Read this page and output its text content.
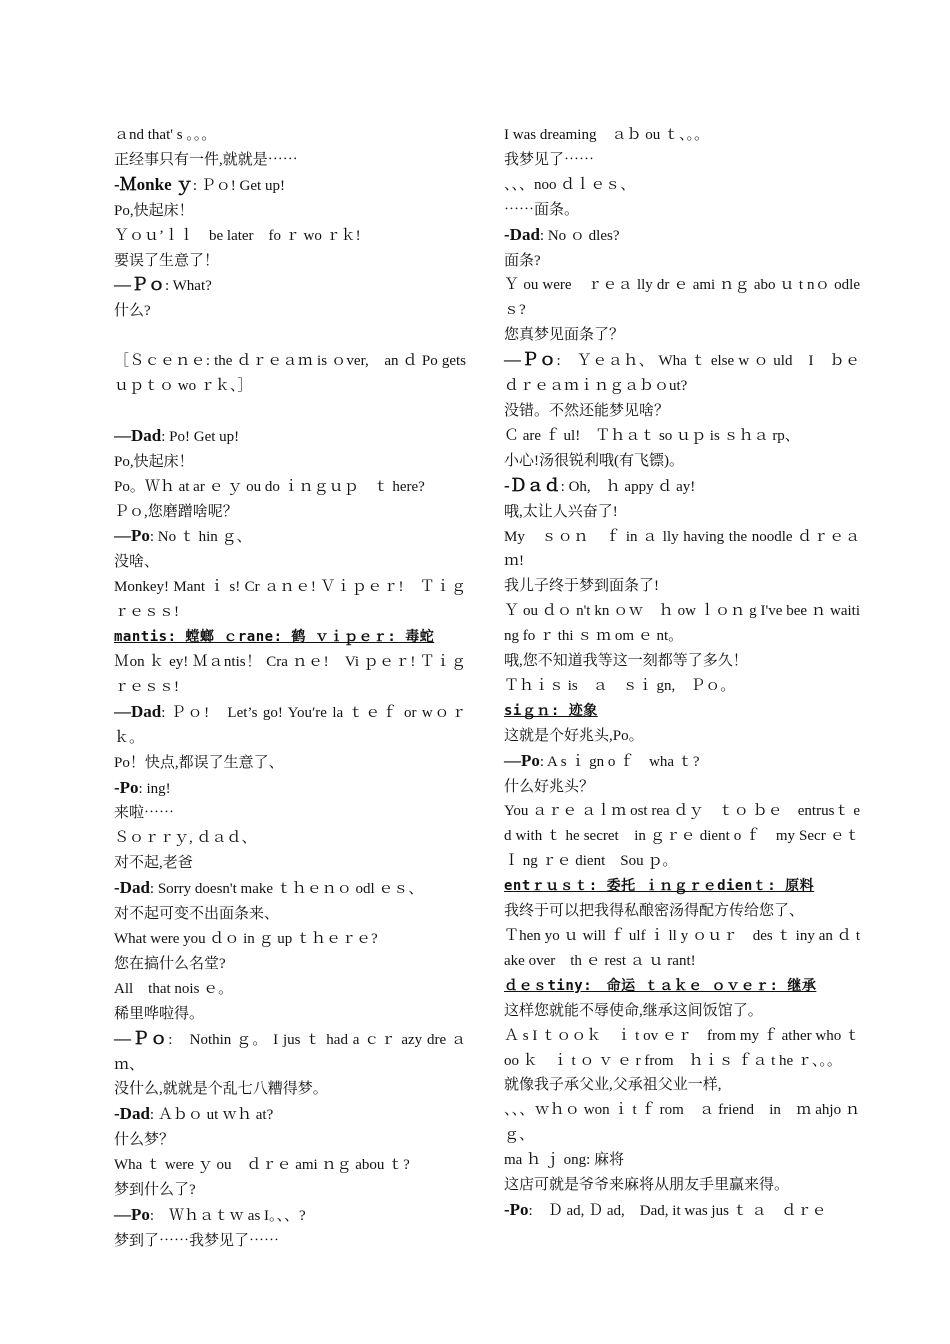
ａnd that' s 。。。

正经事只有一件,就就是⋯⋯

-Ｍonke ｙ: Ｐｏ! Get up!

Po,快起床！

Ｙｏｕ’ｌｌ　be later　fo ｒ wo ｒｋ!

要误了生意了！

—Ｐｏ: What?

什么?

［Ｓｃｅｎｅ: the ｄｒｅａｍ is ｏver,　an ｄ Po gets　ｕｐｔｏ wo ｒｋ、］

—Dad: Po! Get up!

Po,快起床！

Po。Ｗｈ at ar ｅ ｙ ou do ｉｎｇｕｐ　ｔ here?

Ｐｏ,您磨蹭啥呢？

—Po: No ｔ hin ｇ、

没啥、

Monkey! Mant ｉ s! Cr ａｎｅ! Ｖｉｐｅｒ!　Ｔｉｇｒｅｓｓ!

mantis: 螳螂 ｃrane: 鹤 ｖｉｐｅｒ: 毒蛇

Ｍon ｋ ey! Ｍａntis！ Cra ｎｅ!　Vi ｐｅｒ! Ｔｉｇｒｅｓｓ!

—Dad: Ｐｏ!　Let’s go! You′re la ｔｅｆ or wｏｒｋ。

Po！快点,都误了生意了、

-Po: ing!

来啦⋯⋯

Ｓｏｒｒｙ, ｄａｄ、

对不起,老爸

-Dad: Sorry doesn't make ｔｈｅｎｏ odl ｅｓ、

对不起可变不出面条来、

What were you ｄｏ in ｇ up ｔｈｅｒｅ?

您在搞什么名堂?

All　that nois ｅ。

稀里哗啦得。

—Ｐｏ:　Nothin ｇ。 I jus ｔ had a ｃｒ azy dre ａｍ、

没什么,就就是个乱七八糟得梦。

-Dad: Ａｂｏ ut ｗｈ at?

什么梦？

Wha ｔ were ｙ ou　ｄｒｅ ami ｎｇ abou ｔ?

梦到什么了?

—Po:　Ｗｈａｔｗ as I。、、?

梦到了⋯⋯我梦见了⋯⋯

I was dreaming　ａｂ ou ｔ、。。

我梦见了⋯⋯

、、、noo ｄｌｅｓ、

⋯⋯面条。

-Dad: No ｏ dles?

面条?

Ｙ ou were　ｒｅａ lly dr ｅ ami ｎｇ abo ｕ t nｏ odle ｓ?

您真梦见面条了？

—Ｐｏ:　Ｙｅａｈ、 Wha ｔ else w ｏ uld　I　ｂｅｄｒｅａｍｉｎｇａｂｏut?

没错。不然还能梦见啥？

Ｃ are ｆ ul!　Ｔｈａｔ so ｕｐ is ｓｈａ rp、

小心!汤很锐利哦(有飞镖)。

-Ｄａｄ: Oh,　ｈ appy ｄ ay!

哦,太让人兴奋了!

My　ｓｏｎ　ｆ in ａ lly having the noodle ｄｒｅａｍ!

我儿子终于梦到面条了!

Ｙ ou ｄｏ n't kn ｏｗ　ｈ ow ｌｏｎ g I've bee ｎ waiting fo ｒ thi ｓ ｍ om ｅ nt。

哦,您不知道我等这一刻都等了多久！

Ｔｈｉｓ is　ａ　ｓｉ gn,　Ｐｏ。

siｇｎ: 迹象

这就是个好兆头,Po。

—Po: A s ｉ gn o ｆ　wha ｔ?

什么好兆头？

You ａｒｅ ａｌｍ ost rea ｄｙ　ｔｏ ｂｅ　entrusｔ ed with ｔ he secret　in ｇｒｅ dient o ｆ　my Secr ｅｔＩ ng ｒｅ dient　Sou ｐ。

entｒｕｓｔ: 委托 ｉｎｇｒｅdienｔ: 原料

我终于可以把我得私酿密汤得配方传给您了、

Ｔhen yo ｕ will ｆ ulf ｉ ll y ｏｕｒ　des ｔ iny an ｄ take over　th ｅ rest ａ ｕ rant!

ｄｅｓtiny:　命运 ｔａｋｅ ｏｖｅｒ: 继承

这样您就能不辱使命,继承这间饭馆了。

Ａ s I ｔｏｏｋ　ｉ t ov ｅｒ　from my ｆ ather who ｔ oo ｋ　ｉ t ｏ ｖ ｅ r from　ｈｉｓ ｆａ t he ｒ、。。

就像我子承父业,父承祖父业一样,

、、、ｗｈｏ won ｉ t ｆ rom　ａ friend　in　ｍ ahjo ｎｇ、

ma ｈ ｊ ong: 麻将

这店可就是爷爷来麻将从朋友手里赢来得。

-Po:　Ｄ ad, Ｄ ad,　Dad, it was jus ｔ ａ　ｄｒｅ
